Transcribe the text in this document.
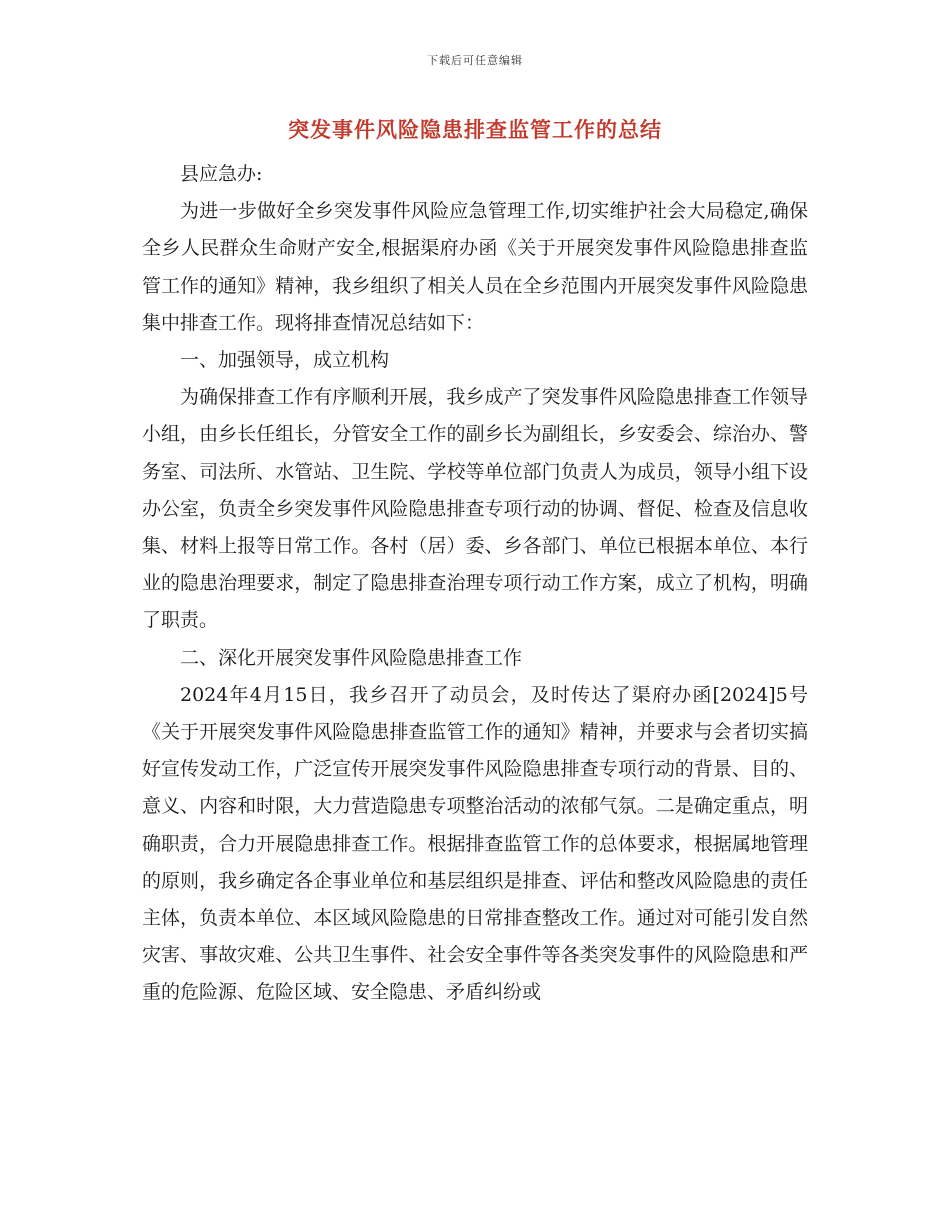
下载后可任意编辑
突发事件风险隐患排查监管工作的总结

县应急办:

为进一步做好全乡突发事件风险应急管理工作,切实维护社会大局稳定,确保全乡人民群众生命财产安全,根据渠府办函《关于开展突发事件风险隐患排查监管工作的通知》精神，我乡组织了相关人员在全乡范围内开展突发事件风险隐患集中排查工作。现将排查情况总结如下：

一、加强领导，成立机构

为确保排查工作有序顺利开展，我乡成产了突发事件风险隐患排查工作领导小组，由乡长任组长，分管安全工作的副乡长为副组长，乡安委会、综治办、警务室、司法所、水管站、卫生院、学校等单位部门负责人为成员，领导小组下设办公室，负责全乡突发事件风险隐患排查专项行动的协调、督促、检查及信息收集、材料上报等日常工作。各村（居）委、乡各部门、单位已根据本单位、本行业的隐患治理要求，制定了隐患排查治理专项行动工作方案，成立了机构，明确了职责。

二、深化开展突发事件风险隐患排查工作

2024年4月15日，我乡召开了动员会，及时传达了渠府办函[2024]5号《关于开展突发事件风险隐患排查监管工作的通知》精神，并要求与会者切实搞好宣传发动工作，广泛宣传开展突发事件风险隐患排查专项行动的背景、目的、意义、内容和时限，大力营造隐患专项整治活动的浓郁气氛。二是确定重点，明确职责，合力开展隐患排查工作。根据排查监管工作的总体要求，根据属地管理的原则，我乡确定各企事业单位和基层组织是排查、评估和整改风险隐患的责任主体，负责本单位、本区域风险隐患的日常排查整改工作。通过对可能引发自然灾害、事故灾难、公共卫生事件、社会安全事件等各类突发事件的风险隐患和严重的危险源、危险区域、安全隐患、矛盾纠纷或
